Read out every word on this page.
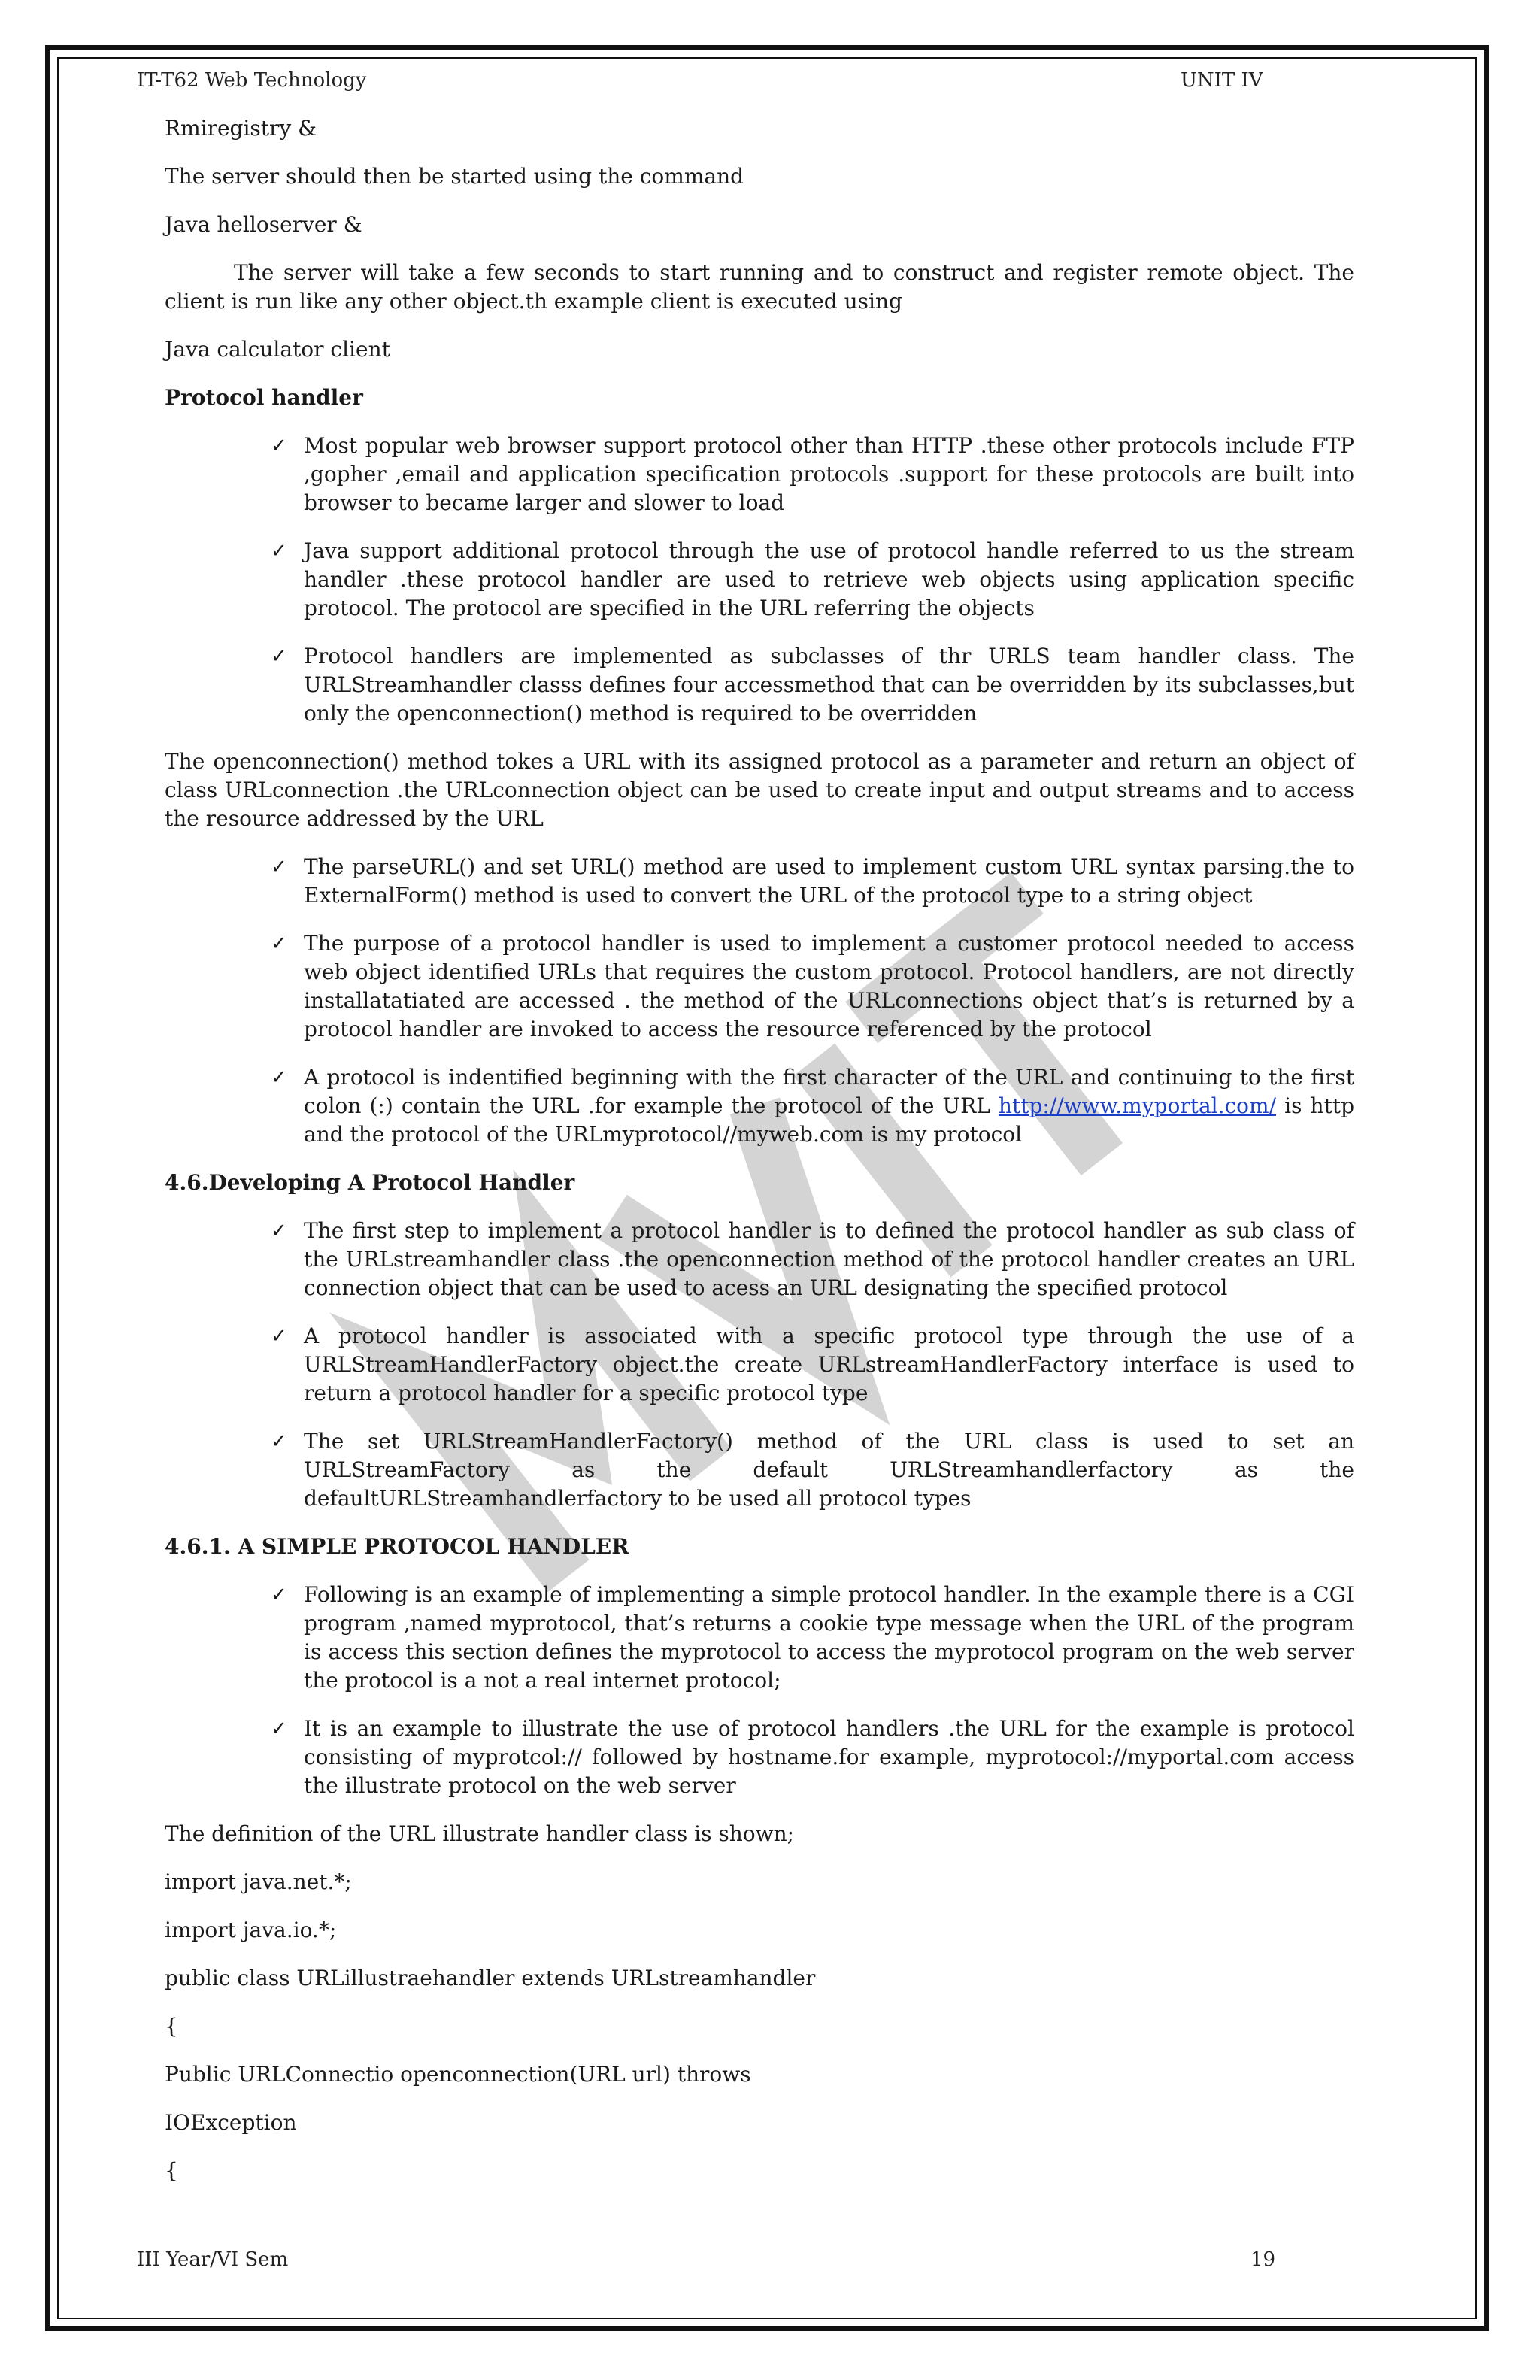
IT-T62 Web Technology	UNIT IV

Rmiregistry &

The server should then be started using the command

Java helloserver &

The server will take a few seconds to start running and to construct and register remote object. The client is run like any other object.th example client is executed using

Java calculator client

Protocol handler

✓ Most popular web browser support protocol other than HTTP .these other protocols include FTP ,gopher ,email and application specification protocols .support for these protocols are built into browser to became larger and slower to load
✓ Java support additional protocol through the use of protocol handle referred to us the stream handler .these protocol handler are used to retrieve web objects using application specific protocol. The protocol are specified in the URL referring the objects
✓ Protocol handlers are implemented as subclasses of thr URLS team handler class. The URLStreamhandler classs defines four accessmethod that can be overridden by its subclasses,but only the openconnection() method is required to be overridden

The openconnection() method tokes a URL with its assigned protocol as a parameter and return an object of class URLconnection .the URLconnection object can be used to create input and output streams and to access the resource addressed by the URL

✓ The parseURL() and set URL() method are used to implement custom URL syntax parsing.the to ExternalForm() method is used to convert the URL of the protocol type to a string object
✓ The purpose of a protocol handler is used to implement a customer protocol needed to access web object identified URLs that requires the custom protocol. Protocol handlers, are not directly installatatiated are accessed . the method of the URLconnections object that’s is returned by a protocol handler are invoked to access the resource referenced by the protocol
✓ A protocol is indentified beginning with the first character of the URL and continuing to the first colon (:) contain the URL .for example the protocol of the URL http://www.myportal.com/ is http and the protocol of the URLmyprotocol//myweb.com is my protocol

4.6.Developing A Protocol Handler

✓ The first step to implement a protocol handler is to defined the protocol handler as sub class of the URLstreamhandler class .the openconnection method of the protocol handler creates an URL connection object that can be used to acess an URL designating the specified protocol
✓ A protocol handler is associated with a specific protocol type through the use of a URLStreamHandlerFactory object.the create URLstreamHandlerFactory interface is used to return a protocol handler for a specific protocol type
✓ The set URLStreamHandlerFactory() method of the URL class is used to set an URLStreamFactory as the default URLStreamhandlerfactory as the defaultURLStreamhandlerfactory to be used all protocol types

4.6.1. A SIMPLE PROTOCOL HANDLER

✓ Following is an example of implementing a simple protocol handler. In the example there is a CGI program ,named myprotocol, that’s returns a cookie type message when the URL of the program is access this section defines the myprotocol to access the myprotocol program on the web server the protocol is a not a real internet protocol;
✓ It is an example to illustrate the use of protocol handlers .the URL for the example is protocol consisting of myprotcol:// followed by hostname.for example, myprotocol://myportal.com access the illustrate protocol on the web server

The definition of the URL illustrate handler class is shown;

import java.net.*;

import java.io.*;

public class URLillustraehandler extends URLstreamhandler

{

Public URLConnectio openconnection(URL url) throws

IOException

{

III Year/VI Sem	19
